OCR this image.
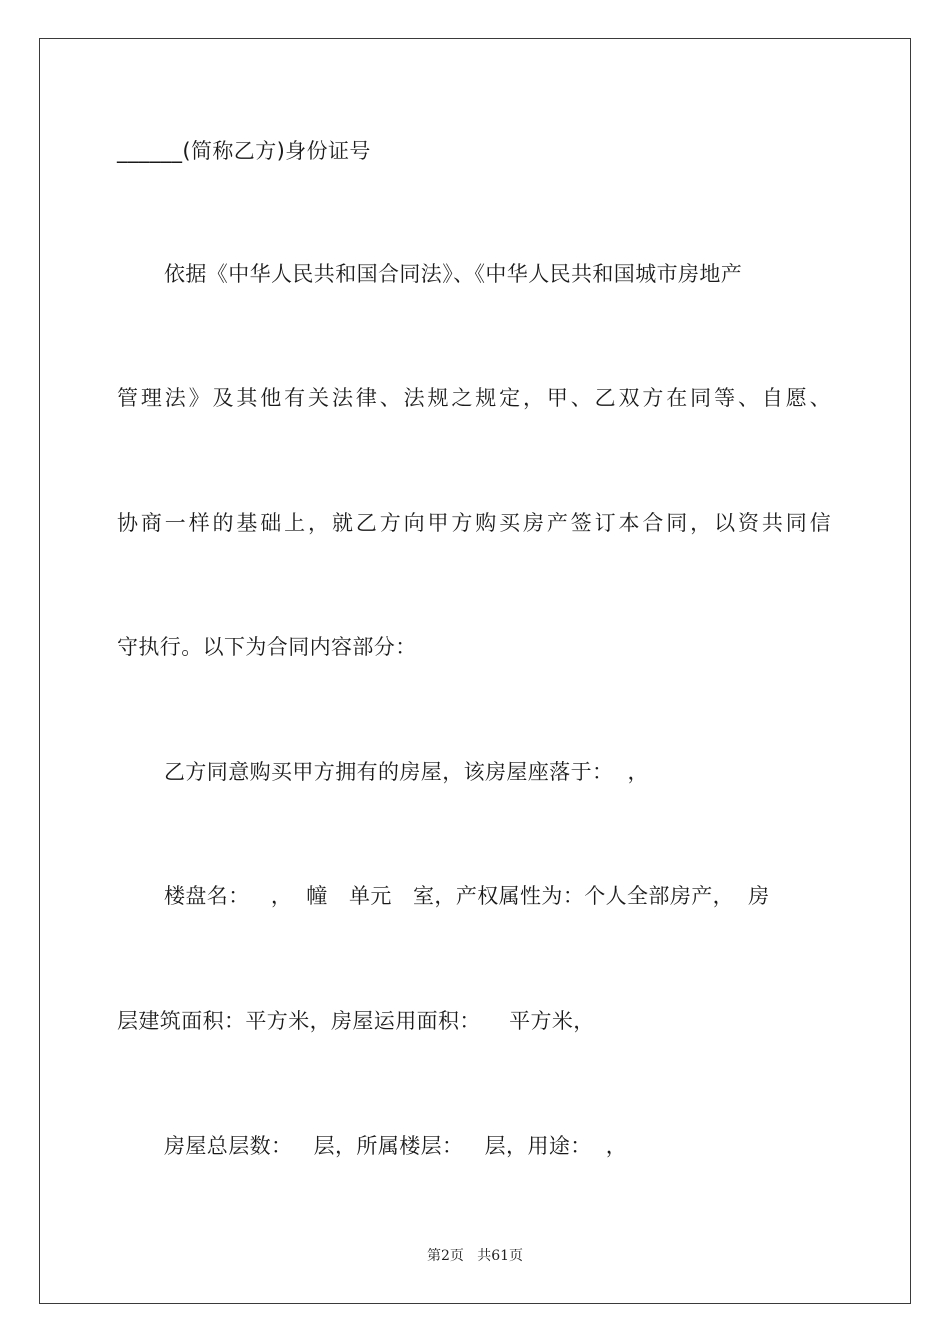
______(简称乙方)身份证号
依据《中华人民共和国合同法》、《中华人民共和国城市房地产
管理法》及其他有关法律、法规之规定，甲、乙双方在同等、自愿、
协商一样的基础上，就乙方向甲方购买房产签订本合同，以资共同信
守执行。以下为合同内容部分：
乙方同意购买甲方拥有的房屋，该房屋座落于：  ，
楼盘名：   ，  幢   单元   室，产权属性为：个人全部房产，  房
层建筑面积：平方米，房屋运用面积：    平方米，
房屋总层数：   层，所属楼层：   层，用途：  ，
第2页   共61页
